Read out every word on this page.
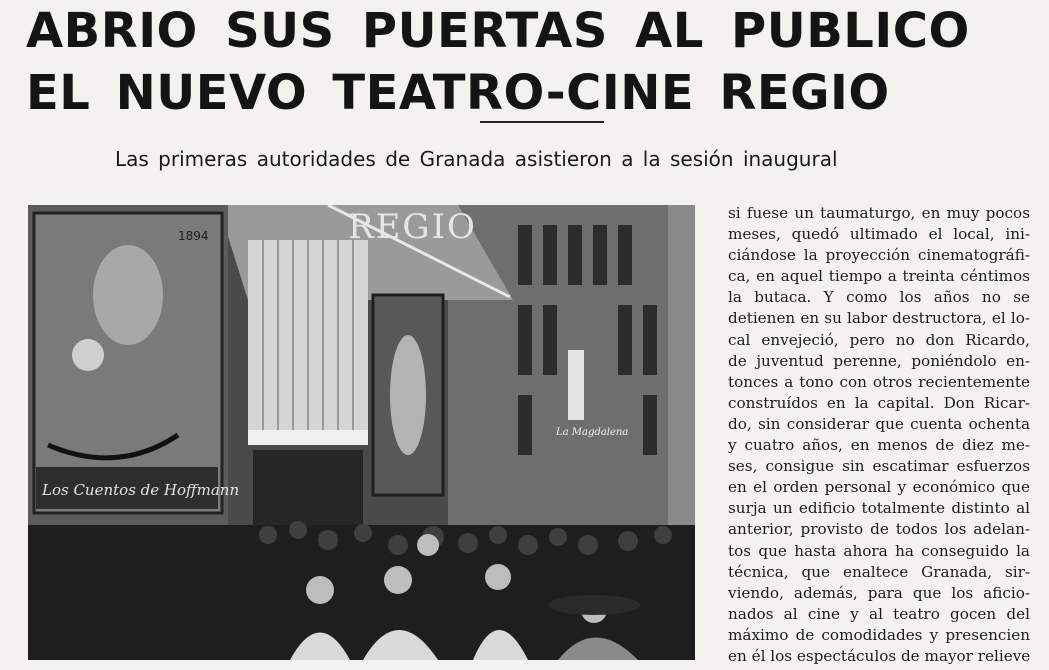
ABRIO SUS PUERTAS AL PUBLICO
EL NUEVO TEATRO-CINE REGIO
Las primeras autoridades de Granada asistieron a la sesión inaugural
REGIO
1894
Los Cuentos de Hoffmann
La Magdalena

si fuese un taumaturgo, en muy pocos

meses, quedó ultimado el local, ini-

ciándose la proyección cinematográfi-

ca, en aquel tiempo a treinta céntimos

la butaca. Y como los años no se

detienen en su labor destructora, el lo-

cal envejeció, pero no don Ricardo,

de juventud perenne, poniéndolo en-

tonces a tono con otros recientemente

construídos en la capital. Don Ricar-

do, sin considerar que cuenta ochenta

y cuatro años, en menos de diez me-

ses, consigue sin escatimar esfuerzos

en el orden personal y económico que

surja un edificio totalmente distinto al

anterior, provisto de todos los adelan-

tos que hasta ahora ha conseguido la

técnica, que enaltece Granada, sir-

viendo, además, para que los aficio-

nados al cine y al teatro gocen del

máximo de comodidades y presencien

en él los espectáculos de mayor relieve
